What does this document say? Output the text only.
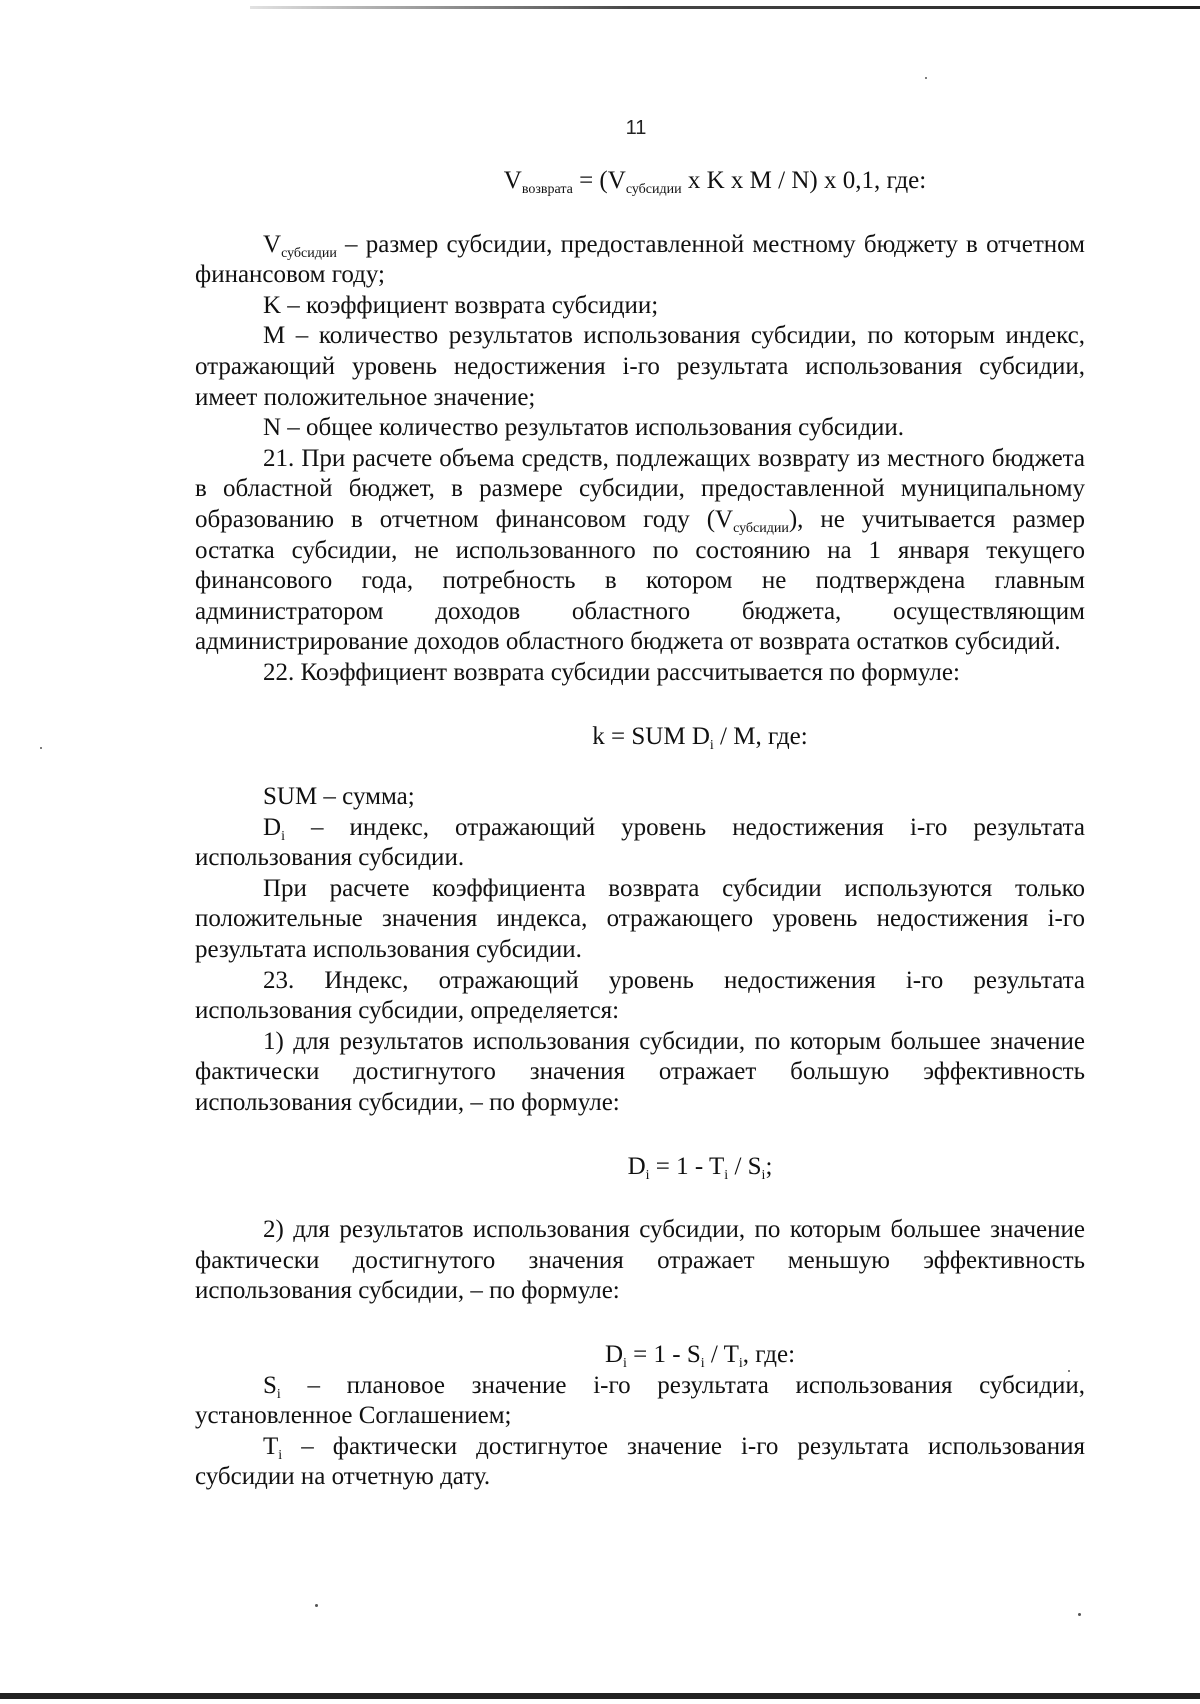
11

$V_{возврата} = (V_{субсидии}$ x K x M / N) x 0,1, где:

$V_{субсидии}$ – размер субсидии, предоставленной местному бюджету в отчетном финансовом году;

K – коэффициент возврата субсидии;

M – количество результатов использования субсидии, по которым индекс, отражающий уровень недостижения i-го результата использования субсидии, имеет положительное значение;

N – общее количество результатов использования субсидии.

21. При расчете объема средств, подлежащих возврату из местного бюджета в областной бюджет, в размере субсидии, предоставленной муниципальному образованию в отчетном финансовом году $(V_{субсидии})$, не учитывается размер остатка субсидии, не использованного по состоянию на 1 января текущего финансового года, потребность в котором не подтверждена главным администратором доходов областного бюджета, осуществляющим администрирование доходов областного бюджета от возврата остатков субсидий.

22. Коэффициент возврата субсидии рассчитывается по формуле:

k = SUM $D_i$ / M, где:

SUM – сумма;

$D_i$ – индекс, отражающий уровень недостижения i-го результата использования субсидии.

При расчете коэффициента возврата субсидии используются только положительные значения индекса, отражающего уровень недостижения i-го результата использования субсидии.

23. Индекс, отражающий уровень недостижения i-го результата использования субсидии, определяется:

1) для результатов использования субсидии, по которым большее значение фактически достигнутого значения отражает большую эффективность использования субсидии, – по формуле:

$D_i = 1 - T_i / S_i$;

2) для результатов использования субсидии, по которым большее значение фактически достигнутого значения отражает меньшую эффективность использования субсидии, – по формуле:

$D_i = 1 - S_i / T_i$, где:

$S_i$ – плановое значение i-го результата использования субсидии, установленное Соглашением;

$T_i$ – фактически достигнутое значение i-го результата использования субсидии на отчетную дату.
